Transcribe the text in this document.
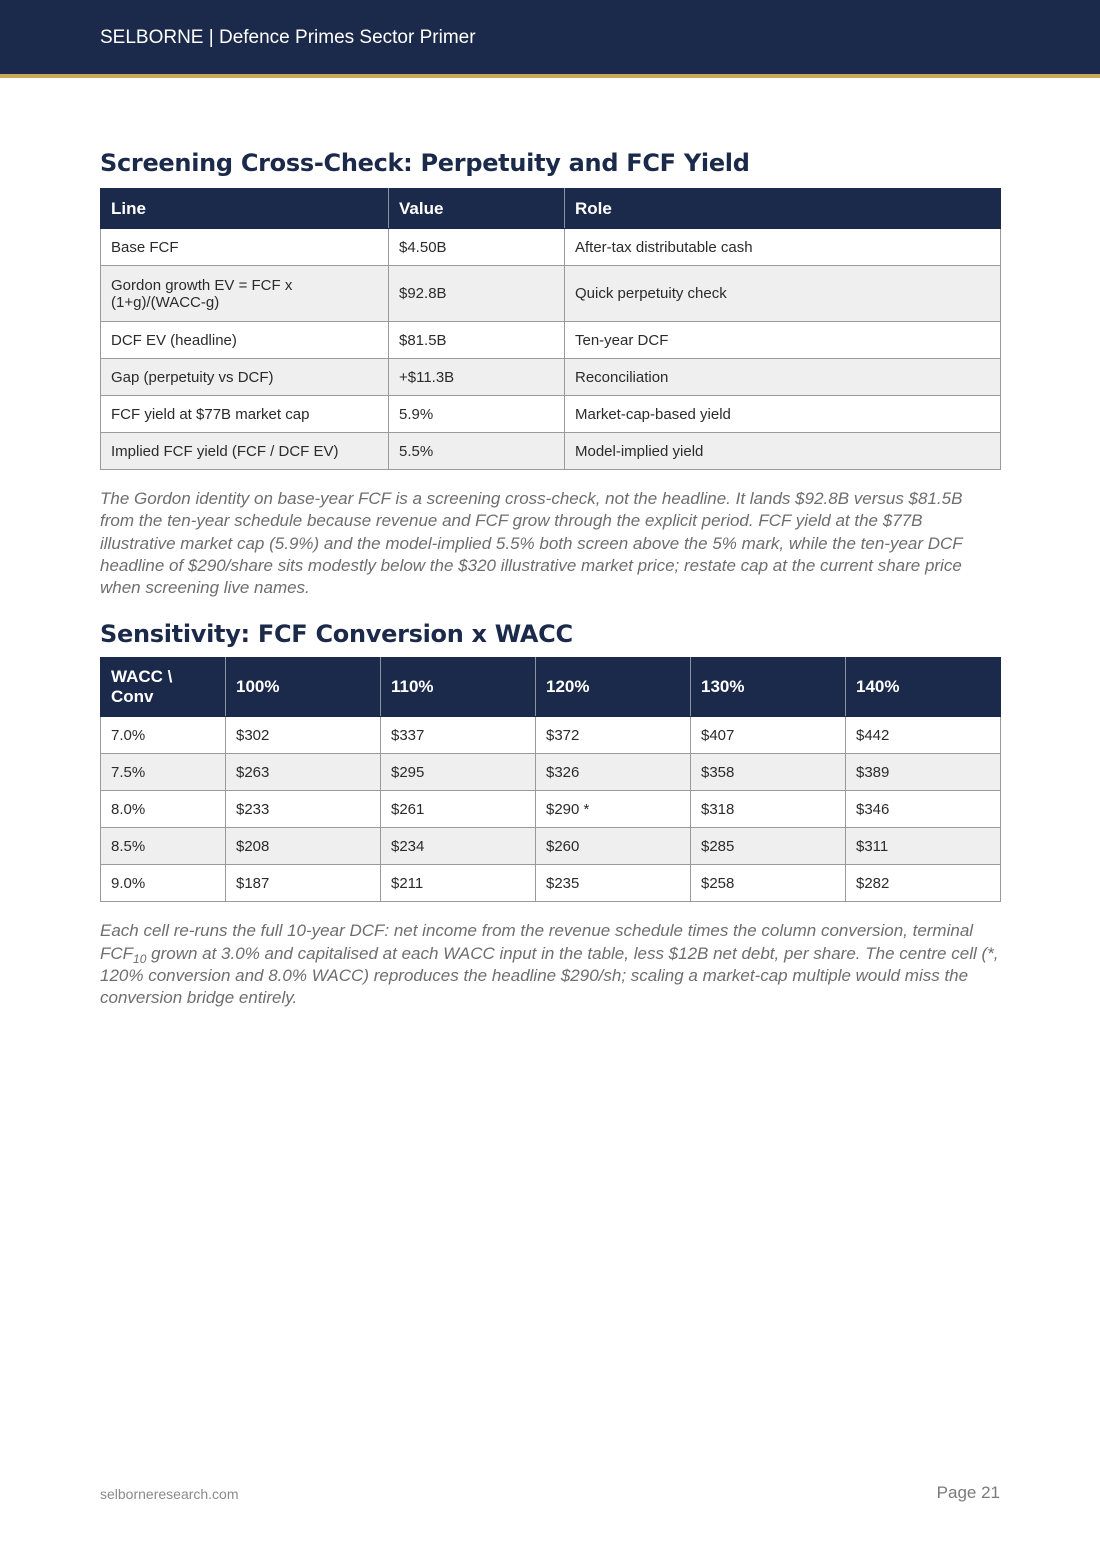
SELBORNE | Defence Primes Sector Primer
Screening Cross-Check: Perpetuity and FCF Yield
Line	Value	Role
Base FCF	$4.50B	After-tax distributable cash
Gordon growth EV = FCF x (1+g)/(WACC-g)	$92.8B	Quick perpetuity check
DCF EV (headline)	$81.5B	Ten-year DCF
Gap (perpetuity vs DCF)	+$11.3B	Reconciliation
FCF yield at $77B market cap	5.9%	Market-cap-based yield
Implied FCF yield (FCF / DCF EV)	5.5%	Model-implied yield

The Gordon identity on base-year FCF is a screening cross-check, not the headline. It lands $92.8B versus $81.5B from the ten-year schedule because revenue and FCF grow through the explicit period. FCF yield at the $77B illustrative market cap (5.9%) and the model-implied 5.5% both screen above the 5% mark, while the ten-year DCF headline of $290/share sits modestly below the $320 illustrative market price; restate cap at the current share price when screening live names.

Sensitivity: FCF Conversion x WACC
WACC \ Conv	100%	110%	120%	130%	140%
7.0%	$302	$337	$372	$407	$442
7.5%	$263	$295	$326	$358	$389
8.0%	$233	$261	$290 *	$318	$346
8.5%	$208	$234	$260	$285	$311
9.0%	$187	$211	$235	$258	$282

Each cell re-runs the full 10-year DCF: net income from the revenue schedule times the column conversion, terminal $FCF_{10}$ grown at 3.0% and capitalised at each WACC input in the table, less $12B net debt, per share. The centre cell (*, 120% conversion and 8.0% WACC) reproduces the headline $290/sh; scaling a market-cap multiple would miss the conversion bridge entirely.

selborneresearch.com	Page 21
